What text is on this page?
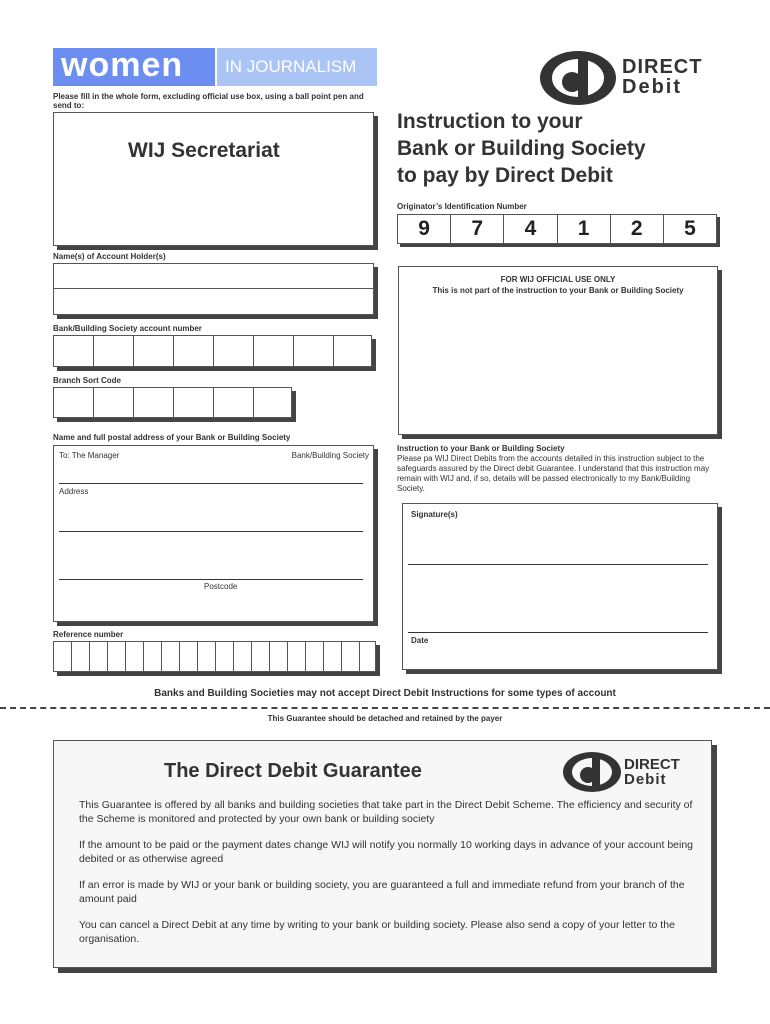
women IN JOURNALISM	DIRECT
Debit
Please fill in the whole form, excluding official use box, using a ball point pen and send to:
WIJ Secretariat
Instruction to your
Bank or Building Society
to pay by Direct Debit
Originator’s Identification Number
9	7	4	1	2	5
Name(s) of Account Holder(s)
FOR WIJ OFFICIAL USE ONLY
This is not part of the instruction to your Bank or Building Society
Bank/Building Society account number
Branch Sort Code
Name and full postal address of your Bank or Building Society
To: The Manager	Bank/Building Society
Address
Postcode
Instruction to your Bank or Building Society
Please pa WIJ Direct Debits from the accounts detailed in this instruction subject to the safeguards assured by the Direct debit Guarantee. I understand that this instruction may remain with WIJ and, if so, details will be passed electronically to my Bank/Building Society.
Signature(s)
Date
Reference number
Banks and Building Societies may not accept Direct Debit Instructions for some types of account
This Guarantee should be detached and retained by the payer
The Direct Debit Guarantee	DIRECT
Debit

This Guarantee is offered by all banks and building societies that take part in the Direct Debit Scheme. The efficiency and security of the Scheme is monitored and protected by your own bank or building society

If the amount to be paid or the payment dates change WIJ will notify you normally 10 working days in advance of your account being debited or as otherwise agreed

If an error is made by WIJ or your bank or building society, you are guaranteed a full and immediate refund from your branch of the amount paid

You can cancel a Direct Debit at any time by writing to your bank or building society. Please also send a copy of your letter to the organisation.
